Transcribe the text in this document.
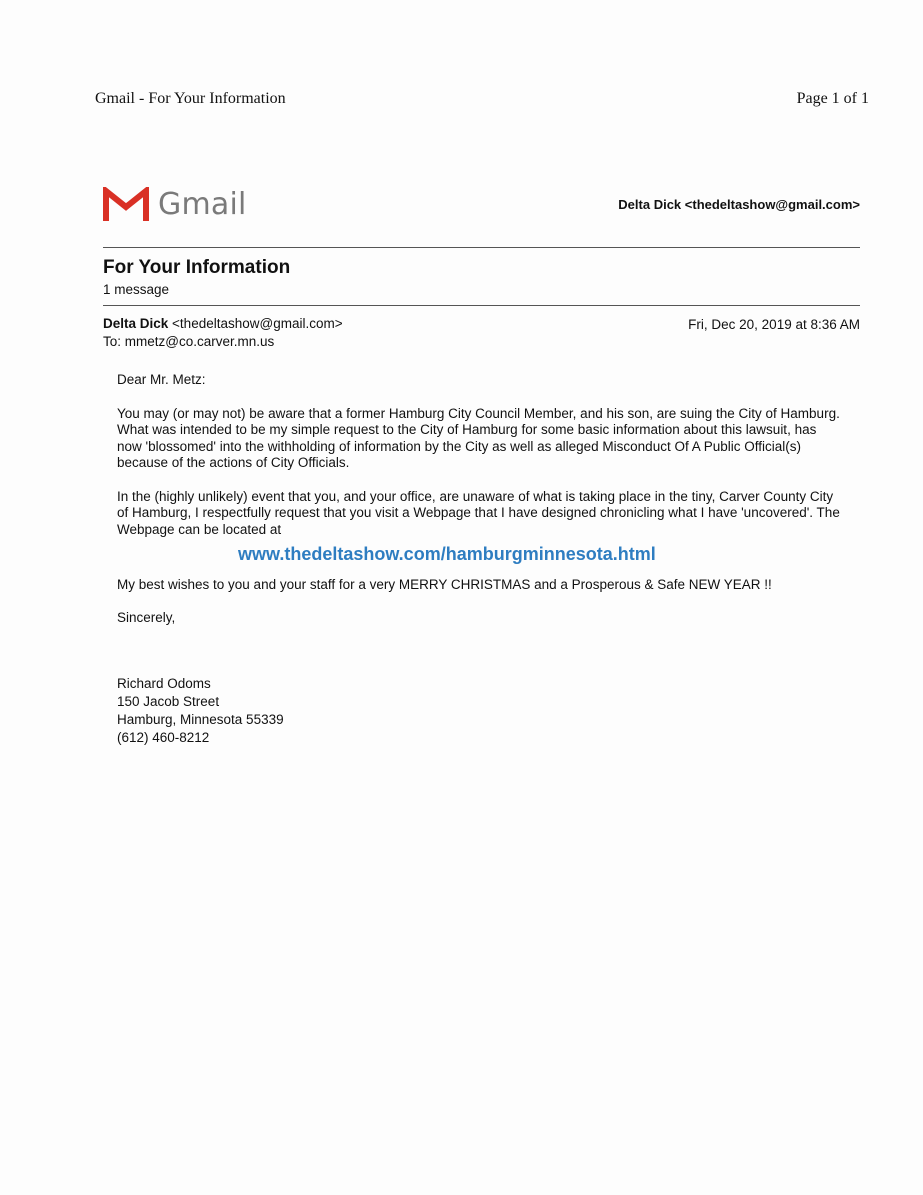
Gmail - For Your Information	Page 1 of 1
Gmail	Delta Dick <thedeltashow@gmail.com>
For Your Information
1 message
Delta Dick <thedeltashow@gmail.com>
To: mmetz@co.carver.mn.us
Fri, Dec 20, 2019 at 8:36 AM

Dear Mr. Metz:

You may (or may not) be aware that a former Hamburg City Council Member, and his son, are suing the City of Hamburg. What was intended to be my simple request to the City of Hamburg for some basic information about this lawsuit, has now 'blossomed' into the withholding of information by the City as well as alleged Misconduct Of A Public Official(s) because of the actions of City Officials.

In the (highly unlikely) event that you, and your office, are unaware of what is taking place in the tiny, Carver County City of Hamburg, I respectfully request that you visit a Webpage that I have designed chronicling what I have 'uncovered'. The Webpage can be located at

www.thedeltashow.com/hamburgminnesota.html

My best wishes to you and your staff for a very MERRY CHRISTMAS and a Prosperous & Safe NEW YEAR !!

Sincerely,

Richard Odoms
150 Jacob Street
Hamburg, Minnesota 55339
(612) 460-8212
